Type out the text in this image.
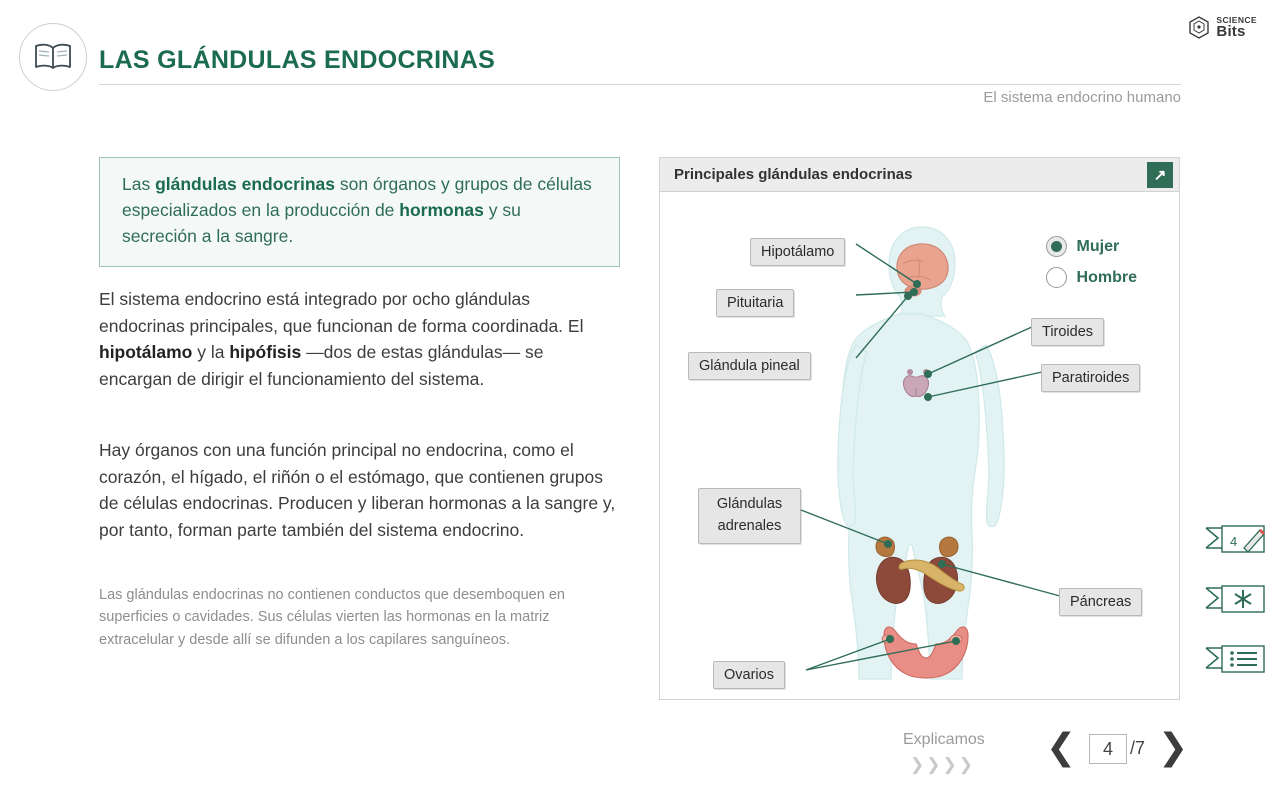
LAS GLÁNDULAS ENDOCRINAS
El sistema endocrino humano
SCIENCE
Bits

Las glándulas endocrinas son órganos y grupos de células especializados en la producción de hormonas y su secreción a la sangre.

El sistema endocrino está integrado por ocho glándulas endocrinas principales, que funcionan de forma coordinada. El hipotálamo y la hipófisis —dos de estas glándulas— se encargan de dirigir el funcionamiento del sistema.
Hay órganos con una función principal no endocrina, como el corazón, el hígado, el riñón o el estómago, que contienen grupos de células endocrinas. Producen y liberan hormonas a la sangre y, por tanto, forman parte también del sistema endocrino.
Las glándulas endocrinas no contienen conductos que desemboquen en superficies o cavidades. Sus células vierten las hormonas en la matriz extracelular y desde allí se difunden a los capilares sanguíneos.
Principales glándulas endocrinas	↗
Mujer
Hombre
Hipotálamo
Pituitaria
Glándula pineal
Tiroides
Paratiroides
Glándulas adrenales
Páncreas
Ovarios
4
Explicamos
❯ ❯ ❯ ❯ ❮	4 /7 ❯
